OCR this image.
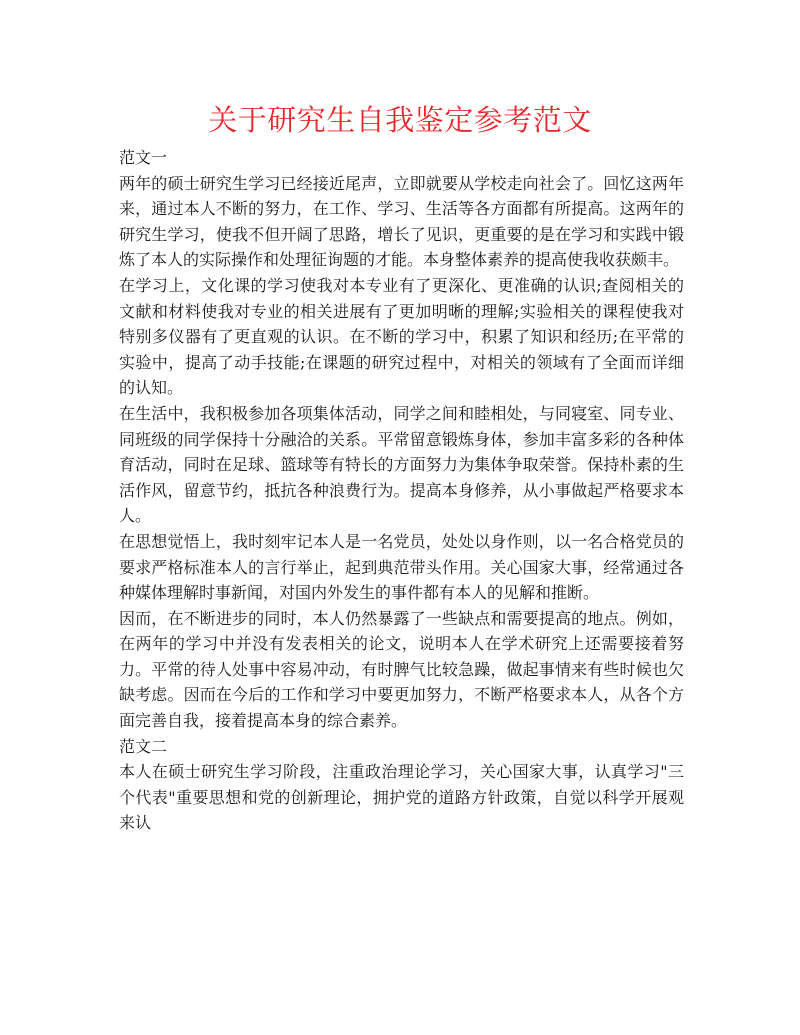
关于研究生自我鉴定参考范文

范文一

两年的硕士研究生学习已经接近尾声，立即就要从学校走向社会了。回忆这两年来，通过本人不断的努力，在工作、学习、生活等各方面都有所提高。这两年的研究生学习，使我不但开阔了思路，增长了见识，更重要的是在学习和实践中锻炼了本人的实际操作和处理征询题的才能。本身整体素养的提高使我收获颇丰。

在学习上，文化课的学习使我对本专业有了更深化、更准确的认识;查阅相关的文献和材料使我对专业的相关进展有了更加明晰的理解;实验相关的课程使我对特别多仪器有了更直观的认识。在不断的学习中，积累了知识和经历;在平常的实验中，提高了动手技能;在课题的研究过程中，对相关的领域有了全面而详细的认知。

在生活中，我积极参加各项集体活动，同学之间和睦相处，与同寝室、同专业、同班级的同学保持十分融洽的关系。平常留意锻炼身体，参加丰富多彩的各种体育活动，同时在足球、篮球等有特长的方面努力为集体争取荣誉。保持朴素的生活作风，留意节约，抵抗各种浪费行为。提高本身修养，从小事做起严格要求本人。

在思想觉悟上，我时刻牢记本人是一名党员，处处以身作则，以一名合格党员的要求严格标准本人的言行举止，起到典范带头作用。关心国家大事，经常通过各种媒体理解时事新闻，对国内外发生的事件都有本人的见解和推断。

因而，在不断进步的同时，本人仍然暴露了一些缺点和需要提高的地点。例如，在两年的学习中并没有发表相关的论文，说明本人在学术研究上还需要接着努力。平常的待人处事中容易冲动，有时脾气比较急躁，做起事情来有些时候也欠缺考虑。因而在今后的工作和学习中要更加努力，不断严格要求本人，从各个方面完善自我，接着提高本身的综合素养。

范文二

本人在硕士研究生学习阶段，注重政治理论学习，关心国家大事，认真学习"三个代表"重要思想和党的创新理论，拥护党的道路方针政策，自觉以科学开展观来认
